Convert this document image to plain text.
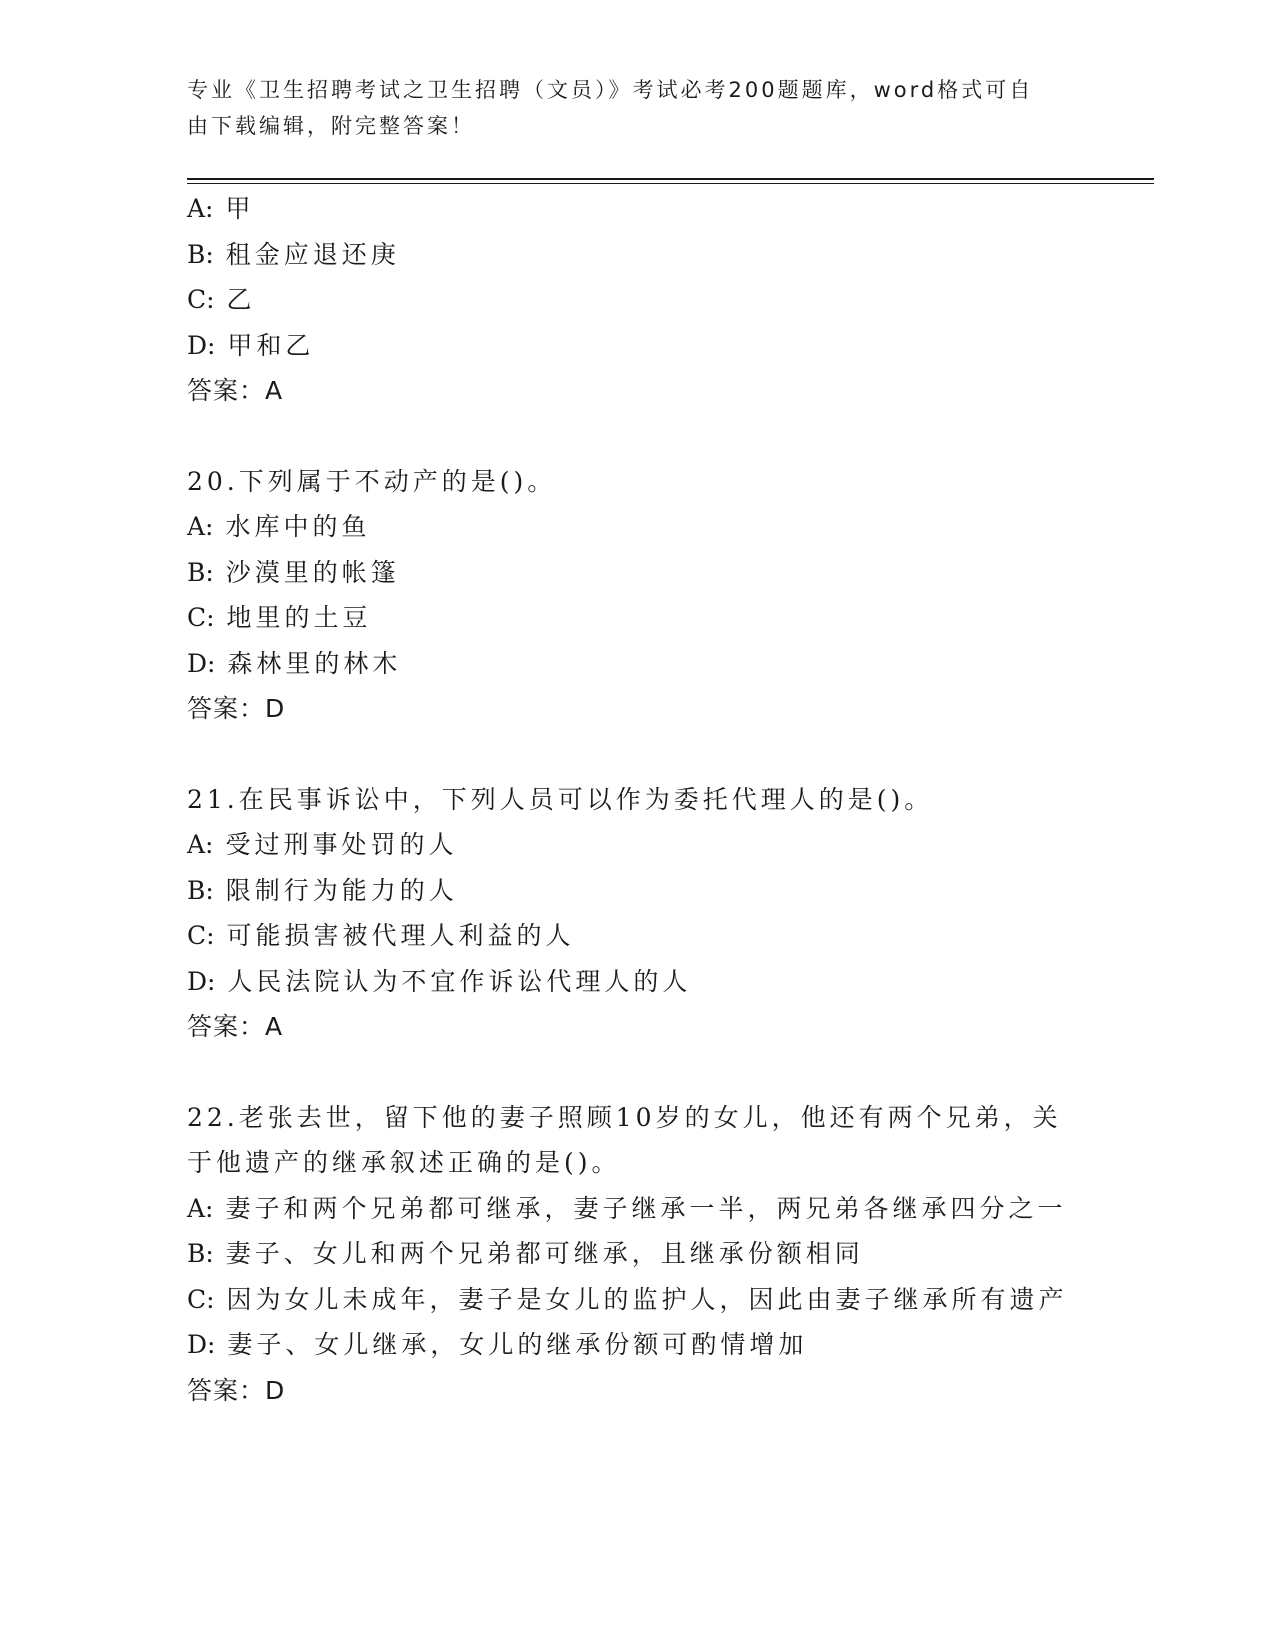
专业《卫生招聘考试之卫生招聘（文员）》考试必考200题题库，word格式可自
由下载编辑，附完整答案！
A: 甲
B: 租金应退还庚
C: 乙
D: 甲和乙
答案：A
20.下列属于不动产的是()。
A: 水库中的鱼
B: 沙漠里的帐篷
C: 地里的土豆
D: 森林里的林木
答案：D
21.在民事诉讼中，下列人员可以作为委托代理人的是()。
A: 受过刑事处罚的人
B: 限制行为能力的人
C: 可能损害被代理人利益的人
D: 人民法院认为不宜作诉讼代理人的人
答案：A
22.老张去世，留下他的妻子照顾10岁的女儿，他还有两个兄弟，关
于他遗产的继承叙述正确的是()。
A: 妻子和两个兄弟都可继承，妻子继承一半，两兄弟各继承四分之一
B: 妻子、女儿和两个兄弟都可继承，且继承份额相同
C: 因为女儿未成年，妻子是女儿的监护人，因此由妻子继承所有遗产
D: 妻子、女儿继承，女儿的继承份额可酌情增加
答案：D
